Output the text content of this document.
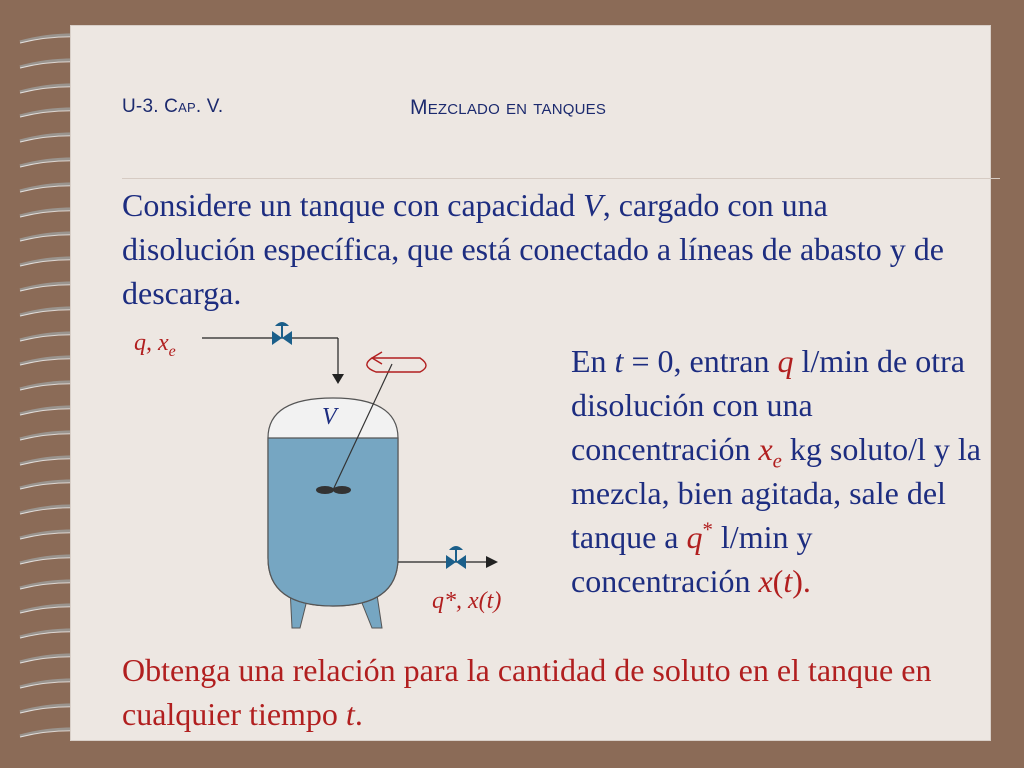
U-3. Cap. V.	Mezclado en tanques
Considere un tanque con capacidad V, cargado con una disolución específica, que está conectado a líneas de abasto y de descarga.
En t = 0, entran q l/min de otra disolución con una concentración $x_e$ kg soluto/l y la mezcla, bien agitada, sale del tanque a q* l/min y concentración x(t).
Obtenga una relación para la cantidad de soluto en el tanque en cualquier tiempo t.
q, $x_e$
V
q*, x(t)
